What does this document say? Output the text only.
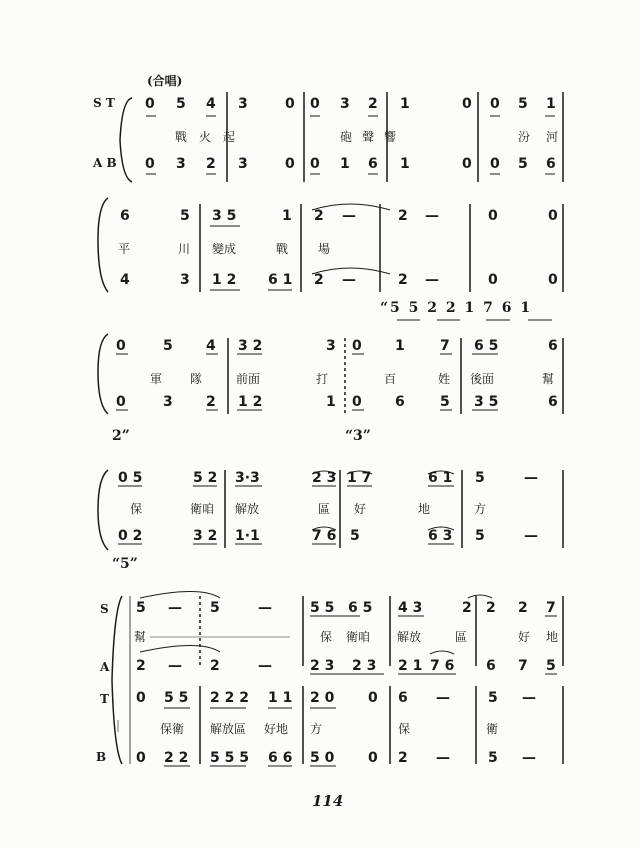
(合唱)
S T
A B
0 5 4 3	0 0 3 2 1	0 0 5 1
戰火起	砲聲響	汾 河
0 3 2 3	0 0 1 6 1	0 0 5 6
6	5 3 5	1 2 —	2 —	0	0
平	川 變成	戰 場
4	3 1 2 6 1 2 —	2 —	0	0
“5 5 2 2 1 7 6 1
0	5 4 3 2	3 0 1	7 6 5	6
軍 隊	前面	打	百	姓 後面	幫
0	3 2 1 2	1 0 6	5 3 5	6
2”	“3”
0 5	5 2 3·3	2 3 1 7	6 1 5	—
保	衛咱 解放	區 好	地	方
0 2	3 2 1·1	7 6 5	6 3 5	—
“5”
S
A
T
B
5 — 5	—	5 5 6 5 4 3	2 2 2 7
幫	保 衛咱 解放	區	好 地
2 — 2	—	2 3 2 3 2 1 7 6 6 7 5
0 5 5 2 2 2 1 1 2 0 0 6 —	5 —
保衛 解放區 好地 方	保	衛
0 2 2 5 5 5 6 6 5 0 0 2 —	5 —
114
